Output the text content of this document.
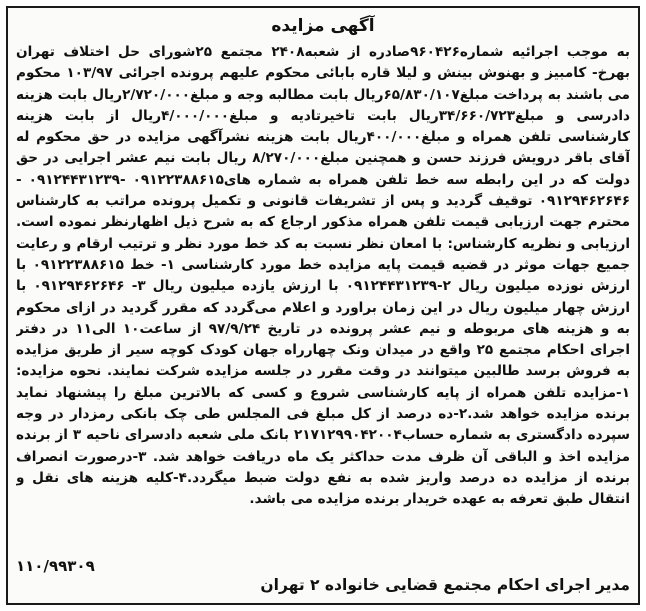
آگهی مزایده

به موجب اجرائیه شماره۹۶۰۴۲۶صادره از شعبه۲۴۰۸ مجتمع ۲۵شورای حل اختلاف تهران بهرخ- کامبیز و بهنوش بینش و لیلا قاره بابائی محکوم علیهم پرونده اجرائی ۱۰۳/۹۷ محکوم می باشند به پرداخت مبلغ۶۵/۸۳۰/۱۰۷ریال بابت مطالبه وجه و مبلغ۲/۷۲۰/۰۰۰ریال بابت هزینه دادرسی و مبلغ۳۴/۶۶۰/۷۲۳ریال بابت تاخیرتادیه و مبلغ۴/۰۰۰/۰۰۰ریال از بابت هزینه کارشناسی تلفن همراه و مبلغ۴۰۰/۰۰۰ریال بابت هزینه نشرآگهی مزایده در حق محکوم له آقای باقر درویش فرزند حسن و همچنین مبلغ۸/۲۷۰/۰۰۰ ریال بابت نیم عشر اجرایی در حق دولت که در این رابطه سه خط تلفن همراه به شماره های۰۹۱۲۲۳۸۸۶۱۵ -۰۹۱۲۴۴۳۱۲۳۹ - ۰۹۱۲۹۴۶۲۶۴۶ توقیف گردید و پس از تشریفات قانونی و تکمیل پرونده مراتب به کارشناس محترم جهت ارزیابی قیمت تلفن همراه مذکور ارجاع که به شرح ذیل اظهارنظر نموده است. ارزیابی و نظریه کارشناس: با امعان نظر نسبت به کد خط مورد نظر و ترتیب ارقام و رعایت جمیع جهات موثر در قضیه قیمت پایه مزایده خط مورد کارشناسی ۱- خط ۰۹۱۲۲۳۸۸۶۱۵ با ارزش نوزده میلیون ریال ۲-۰۹۱۲۴۴۳۱۲۳۹ با ارزش یازده میلیون ریال ۳- ۰۹۱۲۹۴۶۲۶۴۶ با ارزش چهار میلیون ریال در این زمان براورد و اعلام می‌گردد که مقرر گردید در ازای محکوم به و هزینه های مربوطه و نیم عشر پرونده در تاریخ ۹۷/۹/۲۴ از ساعت۱۰ الی۱۱ در دفتر اجرای احکام مجتمع ۲۵ واقع در میدان ونک چهارراه جهان کودک کوچه سیر از طریق مزایده به فروش برسد طالبین میتوانند در وقت مقرر در جلسه مزایده شرکت نمایند. نحوه مزایده: ۱-مزایده تلفن همراه از پایه کارشناسی شروع و کسی که بالاترین مبلغ را پیشنهاد نماید برنده مزایده خواهد شد.۲-ده درصد از کل مبلغ فی المجلس طی چک بانکی رمزدار در وجه سپرده دادگستری به شماره حساب۲۱۷۱۲۹۹۰۴۲۰۰۴ بانک ملی شعبه دادسرای ناحیه ۳ از برنده مزایده اخذ و الباقی آن ظرف مدت حداکثر یک ماه دریافت خواهد شد. ۳-درصورت انصراف برنده از مزایده ده درصد واریز شده به نفع دولت ضبط میگردد.۴-کلیه هزینه های نقل و انتقال طبق تعرفه به عهده خریدار برنده مزایده می باشد.

۱۱۰/۹۹۳۰۹
مدیر اجرای احکام مجتمع قضایی خانواده ۲ تهران
